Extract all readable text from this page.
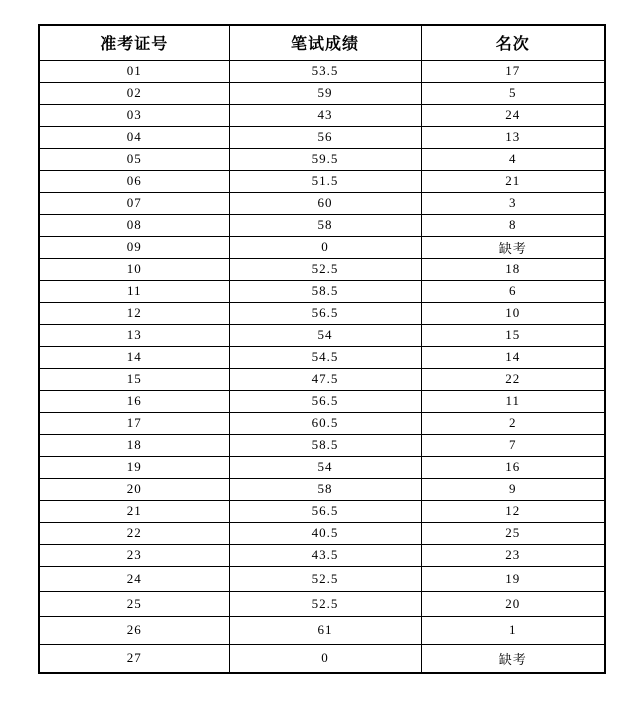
准考证号	笔试成绩	名次
01	53.5	17
02	59	5
03	43	24
04	56	13
05	59.5	4
06	51.5	21
07	60	3
08	58	8
09	0	缺考
10	52.5	18
11	58.5	6
12	56.5	10
13	54	15
14	54.5	14
15	47.5	22
16	56.5	11
17	60.5	2
18	58.5	7
19	54	16
20	58	9
21	56.5	12
22	40.5	25
23	43.5	23
24	52.5	19
25	52.5	20
26	61	1
27	0	缺考
